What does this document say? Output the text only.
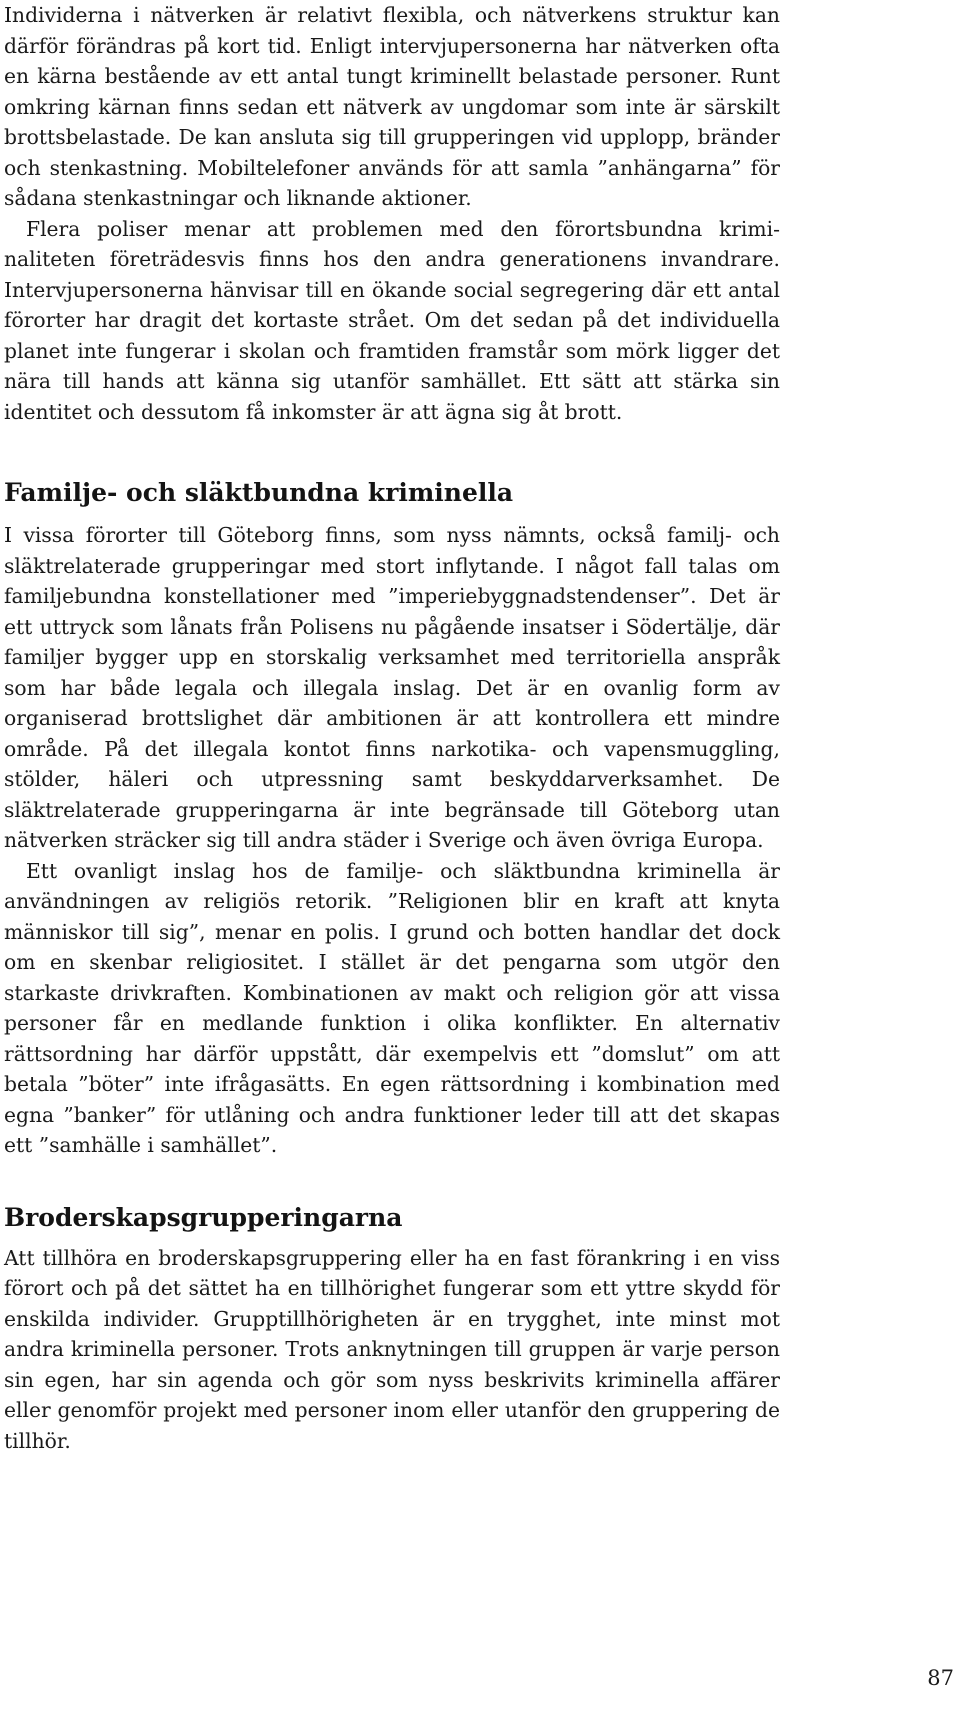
Individerna i nätverken är relativt flexibla, och nätverkens struktur kan därför förändras på kort tid. Enligt intervjupersonerna har nätverken ofta en kärna bestående av ett antal tungt kriminellt belastade personer. Runt omkring kärnan finns sedan ett nätverk av ungdomar som inte är särskilt brottsbelastade. De kan ansluta sig till grupperingen vid upplopp, bränder och stenkastning. Mobiltelefoner används för att samla ”anhängarna” för sådana stenkastningar och liknande aktioner.

Flera poliser menar att problemen med den förortsbundna kriminaliteten företrädesvis finns hos den andra generationens invandrare. Intervjupersonerna hänvisar till en ökande social segregering där ett antal förorter har dragit det kortaste strået. Om det sedan på det individuella planet inte fungerar i skolan och framtiden framstår som mörk ligger det nära till hands att känna sig utanför samhället. Ett sätt att stärka sin identitet och dessutom få inkomster är att ägna sig åt brott.

Familje- och släktbundna kriminella

I vissa förorter till Göteborg finns, som nyss nämnts, också familj- och släktrelaterade grupperingar med stort inflytande. I något fall talas om familjebundna konstellationer med ”imperiebyggnadstendenser”. Det är ett uttryck som lånats från Polisens nu pågående insatser i Södertälje, där familjer bygger upp en storskalig verksamhet med territoriella anspråk som har både legala och illegala inslag. Det är en ovanlig form av organiserad brottslighet där ambitionen är att kontrollera ett mindre område. På det illegala kontot finns narkotika- och vapensmuggling, stölder, häleri och utpressning samt beskyddarverksamhet. De släktrelaterade grupperingarna är inte begränsade till Göteborg utan nätverken sträcker sig till andra städer i Sverige och även övriga Europa.

Ett ovanligt inslag hos de familje- och släktbundna kriminella är användningen av religiös retorik. ”Religionen blir en kraft att knyta människor till sig”, menar en polis. I grund och botten handlar det dock om en skenbar religiositet. I stället är det pengarna som utgör den starkaste drivkraften. Kombinationen av makt och religion gör att vissa personer får en medlande funktion i olika konflikter. En alternativ rättsordning har därför uppstått, där exempelvis ett ”domslut” om att betala ”böter” inte ifrågasätts. En egen rättsordning i kombination med egna ”banker” för utlåning och andra funktioner leder till att det skapas ett ”samhälle i samhället”.

Broderskapsgrupperingarna

Att tillhöra en broderskapsgruppering eller ha en fast förankring i en viss förort och på det sättet ha en tillhörighet fungerar som ett yttre skydd för enskilda individer. Grupptillhörigheten är en trygghet, inte minst mot andra kriminella personer. Trots anknytningen till gruppen är varje person sin egen, har sin agenda och gör som nyss beskrivits kriminella affärer eller genomför projekt med personer inom eller utanför den gruppering de tillhör.

87
